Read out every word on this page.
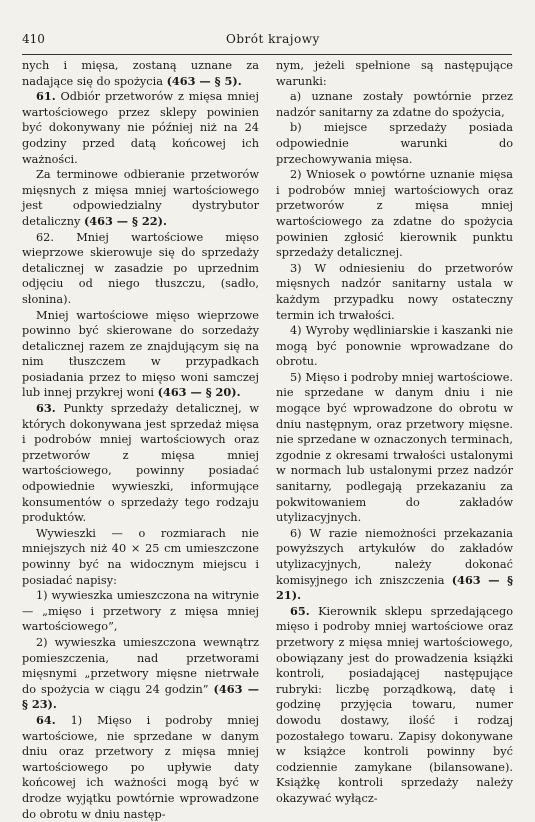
410	Obrót krajowy

nych i mięsa, zostaną uznane za nadające się do spożycia (463 — § 5).

61. Odbiór przetworów z mięsa mniej wartościowego przez sklepy powinien być dokonywany nie później niż na 24 godziny przed datą końcowej ich ważności.

Za terminowe odbieranie przetworów mięsnych z mięsa mniej wartościowego jest odpowiedzialny dystrybutor detaliczny (463 — § 22).

62. Mniej wartościowe mięso wieprzowe skierowuje się do sprzedaży detalicznej w zasadzie po uprzednim odjęciu od niego tłuszczu, (sadło, słonina).

Mniej wartościowe mięso wieprzowe powinno być skierowane do sorzedaży detalicznej razem ze znajdującym się na nim tłuszczem w przypadkach posiadania przez to mięso woni samczej lub innej przykrej woni (463 — § 20).

63. Punkty sprzedaży detalicznej, w których dokonywana jest sprzedaż mięsa i podrobów mniej wartościowych oraz przetworów z mięsa mniej wartościowego, powinny posiadać odpowiednie wywieszki, informujące konsumentów o sprzedaży tego rodzaju produktów.

Wywieszki — o rozmiarach nie mniejszych niż 40 ⨯ 25 cm umieszczone powinny być na widocznym miejscu i posiadać napisy:

1) wywieszka umieszczona na witrynie — „mięso i przetwory z mięsa mniej wartościowego”,

2) wywieszka umieszczona wewnątrz pomieszczenia, nad przetworami mięsnymi „przetwory mięsne nietrwałe do spożycia w ciągu 24 godzin” (463 — § 23).

64. 1) Mięso i podroby mniej wartościowe, nie sprzedane w danym dniu oraz przetwory z mięsa mniej wartościowego po upływie daty końcowej ich ważności mogą być w drodze wyjątku powtórnie wprowadzone do obrotu w dniu następ-

nym, jeżeli spełnione są następujące warunki:

a) uznane zostały powtórnie przez nadzór sanitarny za zdatne do spożycia,

b) miejsce sprzedaży posiada odpowiednie warunki do przechowywania mięsa.

2) Wniosek o powtórne uznanie mięsa i podrobów mniej wartościowych oraz przetworów z mięsa mniej wartościowego za zdatne do spożycia powinien zgłosić kierownik punktu sprzedaży detalicznej.

3) W odniesieniu do przetworów mięsnych nadzór sanitarny ustala w każdym przypadku nowy ostateczny termin ich trwałości.

4) Wyroby wędliniarskie i kaszanki nie mogą być ponownie wprowadzane do obrotu.

5) Mięso i podroby mniej wartościowe. nie sprzedane w danym dniu i nie mogące być wprowadzone do obrotu w dniu następnym, oraz przetwory mięsne. nie sprzedane w oznaczonych terminach, zgodnie z okresami trwałości ustalonymi w normach lub ustalonymi przez nadzór sanitarny, podlegają przekazaniu za pokwitowaniem do zakładów utylizacyjnych.

6) W razie niemożności przekazania powyższych artykułów do zakładów utylizacyjnych, należy dokonać komisyjnego ich zniszczenia (463 — § 21).

65. Kierownik sklepu sprzedającego mięso i podroby mniej wartościowe oraz przetwory z mięsa mniej wartościowego, obowiązany jest do prowadzenia książki kontroli, posiadającej następujące rubryki: liczbę porządkową, datę i godzinę przyjęcia towaru, numer dowodu dostawy, ilość i rodzaj pozostałego towaru. Zapisy dokonywane w książce kontroli powinny być codziennie zamykane (bilansowane). Książkę kontroli sprzedaży należy okazywać wyłącz-
